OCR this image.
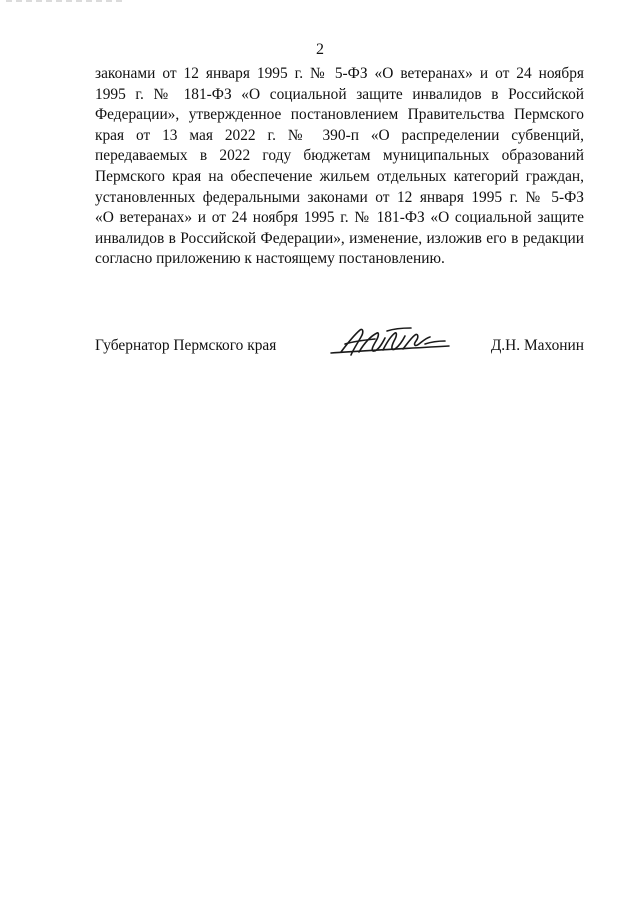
2
законами от 12 января 1995 г. № 5-ФЗ «О ветеранах» и от 24 ноября
1995 г. № 181-ФЗ «О социальной защите инвалидов в Российской
Федерации», утвержденное постановлением Правительства Пермского
края от 13 мая 2022 г. № 390-п «О распределении субвенций,
передаваемых в 2022 году бюджетам муниципальных образований
Пермского края на обеспечение жильем отдельных категорий граждан,
установленных федеральными законами от 12 января 1995 г. № 5-ФЗ
«О ветеранах» и от 24 ноября 1995 г. № 181-ФЗ «О социальной защите
инвалидов в Российской Федерации», изменение, изложив его в редакции
согласно приложению к настоящему постановлению.
Губернатор Пермского края	Д.Н. Махонин
